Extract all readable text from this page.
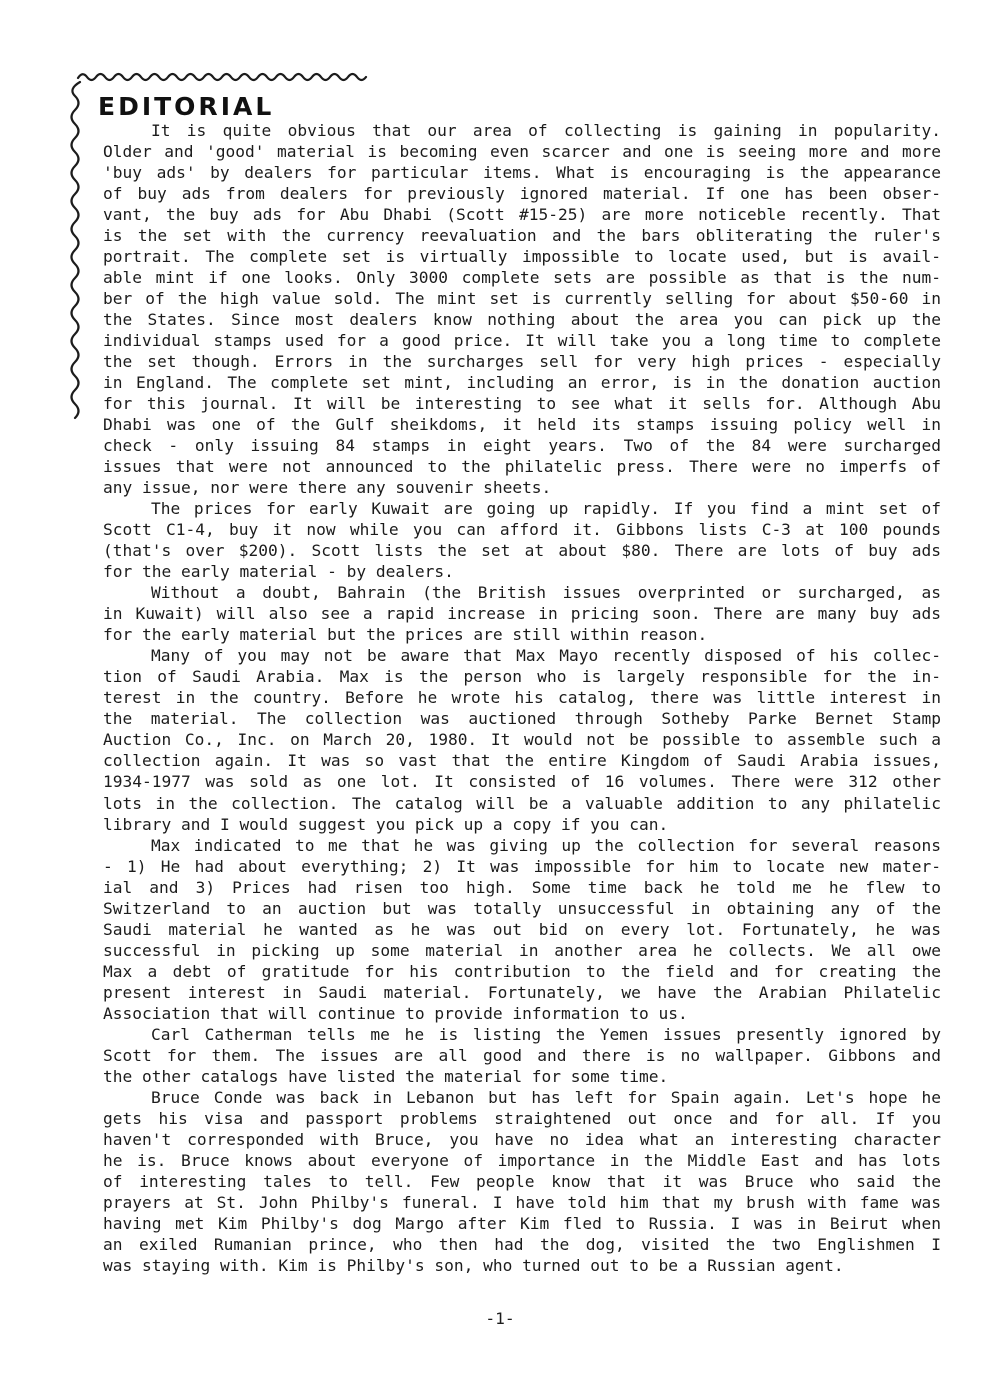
EDITORIAL
It is quite obvious that our area of collecting is gaining in popularity.
Older and 'good' material is becoming even scarcer and one is seeing more and more
'buy ads' by dealers for particular items. What is encouraging is the appearance
of buy ads from dealers for previously ignored material. If one has been obser-
vant, the buy ads for Abu Dhabi (Scott #15-25) are more noticeble recently. That
is the set with the currency reevaluation and the bars obliterating the ruler's
portrait. The complete set is virtually impossible to locate used, but is avail-
able mint if one looks. Only 3000 complete sets are possible as that is the num-
ber of the high value sold. The mint set is currently selling for about $50-60 in
the States. Since most dealers know nothing about the area you can pick up the
individual stamps used for a good price. It will take you a long time to complete
the set though. Errors in the surcharges sell for very high prices - especially
in England. The complete set mint, including an error, is in the donation auction
for this journal. It will be interesting to see what it sells for. Although Abu
Dhabi was one of the Gulf sheikdoms, it held its stamps issuing policy well in
check - only issuing 84 stamps in eight years. Two of the 84 were surcharged
issues that were not announced to the philatelic press. There were no imperfs of
any issue, nor were there any souvenir sheets.
The prices for early Kuwait are going up rapidly. If you find a mint set of
Scott C1-4, buy it now while you can afford it. Gibbons lists C-3 at 100 pounds
(that's over $200). Scott lists the set at about $80. There are lots of buy ads
for the early material - by dealers.
Without a doubt, Bahrain (the British issues overprinted or surcharged, as
in Kuwait) will also see a rapid increase in pricing soon. There are many buy ads
for the early material but the prices are still within reason.
Many of you may not be aware that Max Mayo recently disposed of his collec-
tion of Saudi Arabia. Max is the person who is largely responsible for the in-
terest in the country. Before he wrote his catalog, there was little interest in
the material. The collection was auctioned through Sotheby Parke Bernet Stamp
Auction Co., Inc. on March 20, 1980. It would not be possible to assemble such a
collection again. It was so vast that the entire Kingdom of Saudi Arabia issues,
1934-1977 was sold as one lot. It consisted of 16 volumes. There were 312 other
lots in the collection. The catalog will be a valuable addition to any philatelic
library and I would suggest you pick up a copy if you can.
Max indicated to me that he was giving up the collection for several reasons
- 1) He had about everything; 2) It was impossible for him to locate new mater-
ial and 3) Prices had risen too high. Some time back he told me he flew to
Switzerland to an auction but was totally unsuccessful in obtaining any of the
Saudi material he wanted as he was out bid on every lot. Fortunately, he was
successful in picking up some material in another area he collects. We all owe
Max a debt of gratitude for his contribution to the field and for creating the
present interest in Saudi material. Fortunately, we have the Arabian Philatelic
Association that will continue to provide information to us.
Carl Catherman tells me he is listing the Yemen issues presently ignored by
Scott for them. The issues are all good and there is no wallpaper. Gibbons and
the other catalogs have listed the material for some time.
Bruce Conde was back in Lebanon but has left for Spain again. Let's hope he
gets his visa and passport problems straightened out once and for all. If you
haven't corresponded with Bruce, you have no idea what an interesting character
he is. Bruce knows about everyone of importance in the Middle East and has lots
of interesting tales to tell. Few people know that it was Bruce who said the
prayers at St. John Philby's funeral. I have told him that my brush with fame was
having met Kim Philby's dog Margo after Kim fled to Russia. I was in Beirut when
an exiled Rumanian prince, who then had the dog, visited the two Englishmen I
was staying with. Kim is Philby's son, who turned out to be a Russian agent.
-1-
